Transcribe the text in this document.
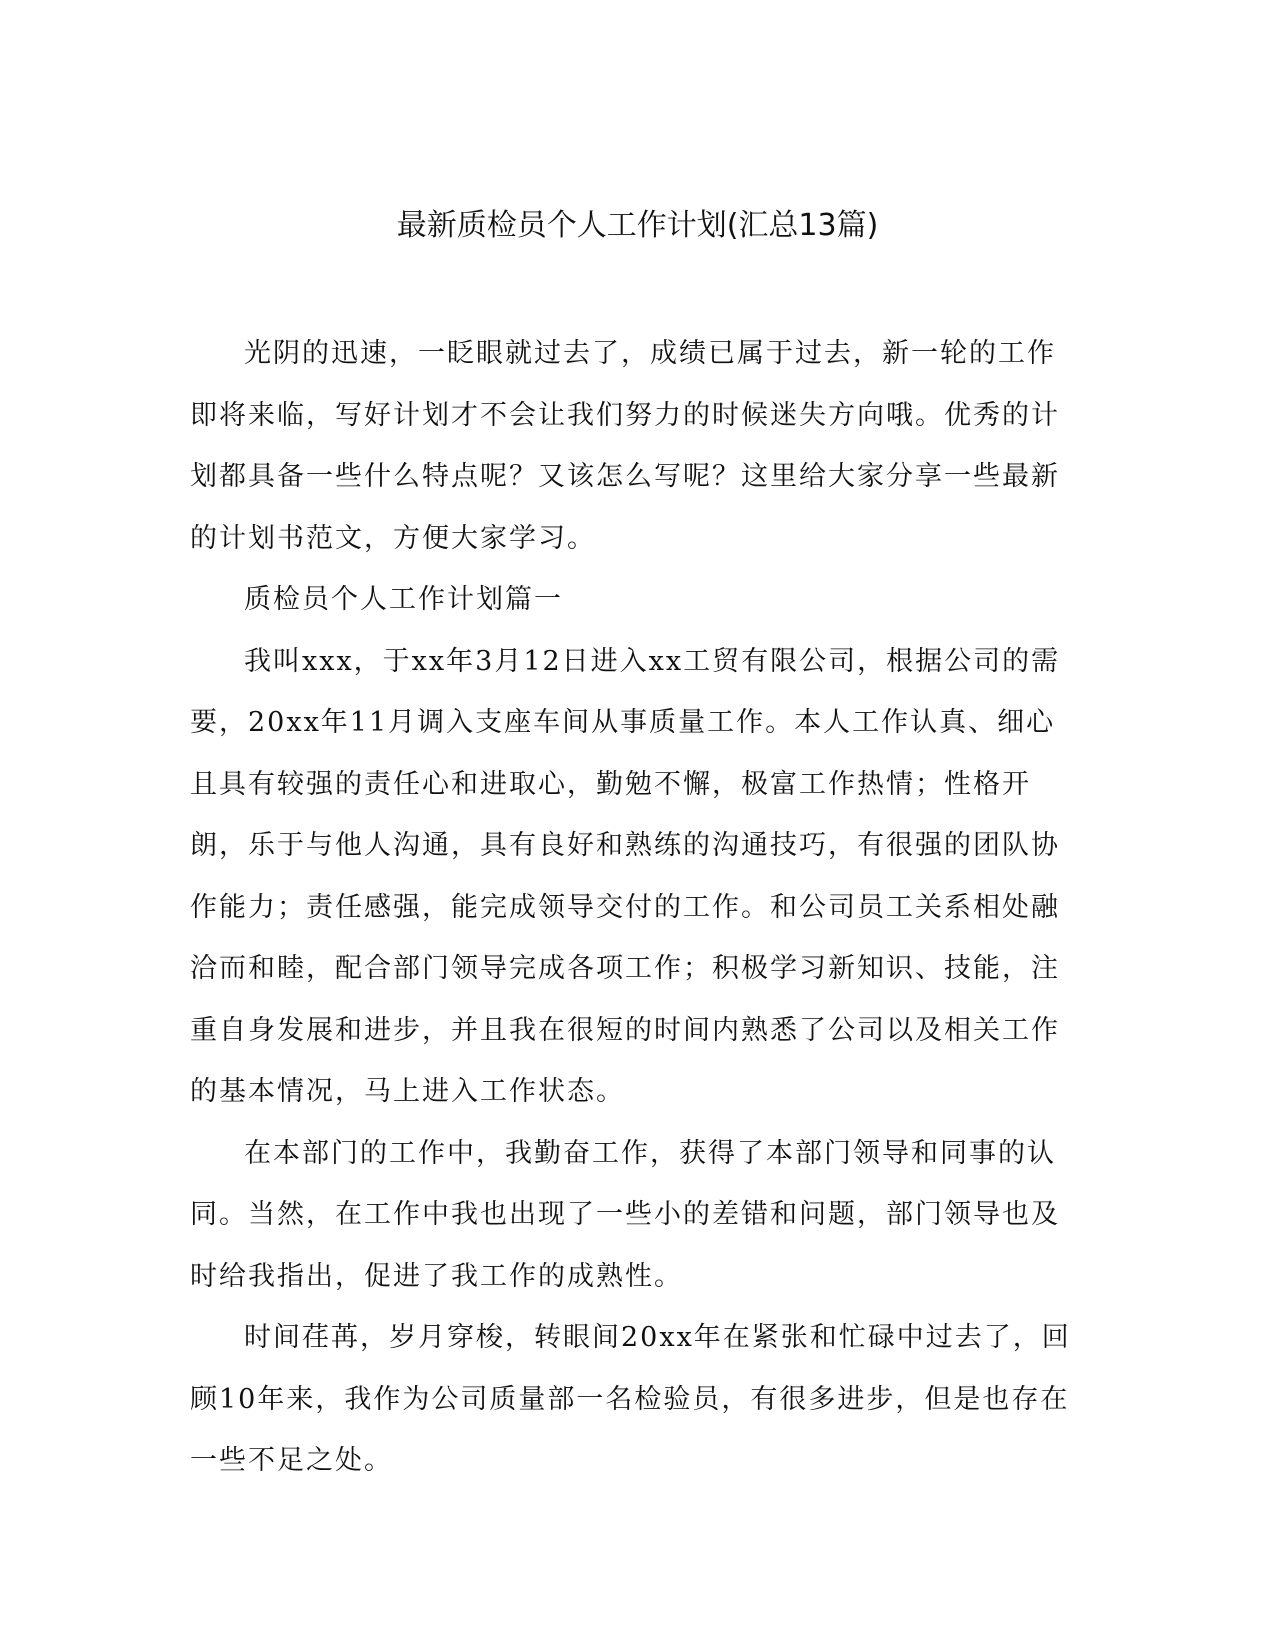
最新质检员个人工作计划(汇总13篇)

光阴的迅速，一眨眼就过去了，成绩已属于过去，新一轮的工作即将来临，写好计划才不会让我们努力的时候迷失方向哦。优秀的计划都具备一些什么特点呢？又该怎么写呢？这里给大家分享一些最新的计划书范文，方便大家学习。

质检员个人工作计划篇一

我叫xxx，于xx年3月12日进入xx工贸有限公司，根据公司的需要，20xx年11月调入支座车间从事质量工作。本人工作认真、细心且具有较强的责任心和进取心，勤勉不懈，极富工作热情；性格开朗，乐于与他人沟通，具有良好和熟练的沟通技巧，有很强的团队协作能力；责任感强，能完成领导交付的工作。和公司员工关系相处融洽而和睦，配合部门领导完成各项工作；积极学习新知识、技能，注重自身发展和进步，并且我在很短的时间内熟悉了公司以及相关工作的基本情况，马上进入工作状态。

在本部门的工作中，我勤奋工作，获得了本部门领导和同事的认同。当然，在工作中我也出现了一些小的差错和问题，部门领导也及时给我指出，促进了我工作的成熟性。

时间荏苒，岁月穿梭，转眼间20xx年在紧张和忙碌中过去了，回顾10年来，我作为公司质量部一名检验员，有很多进步，但是也存在一些不足之处。
